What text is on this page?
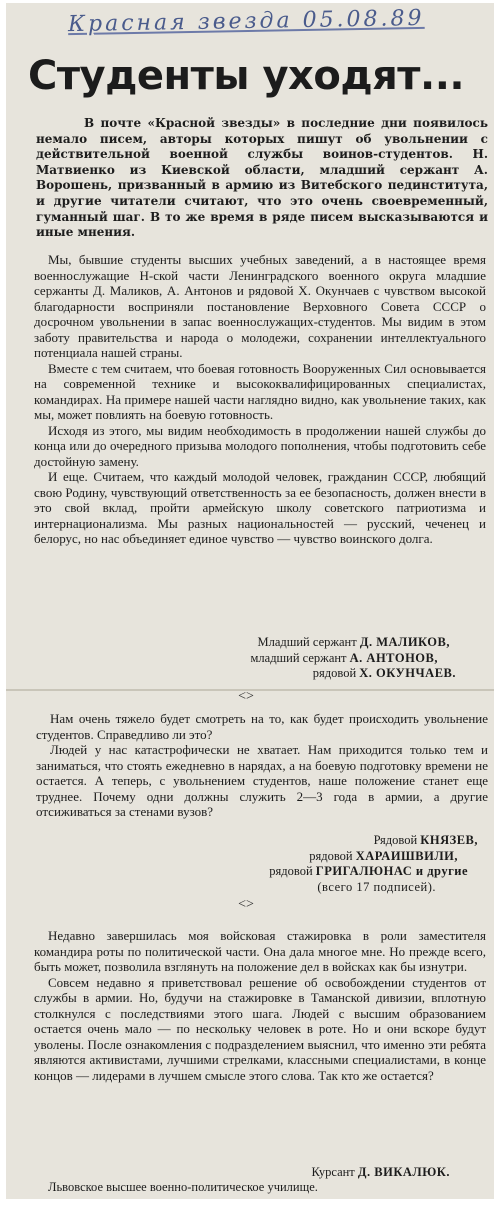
Красная звезда 05.08.89
Студенты уходят...

В почте «Красной звезды» в последние дни появилось немало писем, авторы которых пишут об увольнении с действительной военной службы воинов-студентов. Н. Матвиенко из Киевской области, младший сержант А. Ворошень, призванный в армию из Витебского пединститута, и другие читатели считают, что это очень своевременный, гуманный шаг. В то же время в ряде писем высказываются и иные мнения.

Мы, бывшие студенты высших учебных заведений, а в настоящее время военнослужащие Н-ской части Ленинградского военного округа младшие сержанты Д. Маликов, А. Антонов и рядовой Х. Окунчаев с чувством высокой благодарности восприняли постановление Верховного Совета СССР о досрочном увольнении в запас военнослужащих-студентов. Мы видим в этом заботу правительства и народа о молодежи, сохранении интеллектуального потенциала нашей страны.

Вместе с тем считаем, что боевая готовность Вооруженных Сил основывается на современной технике и высококвалифицированных специалистах, командирах. На примере нашей части наглядно видно, как увольнение таких, как мы, может повлиять на боевую готовность.

Исходя из этого, мы видим необходимость в продолжении нашей службы до конца или до очередного призыва молодого пополнения, чтобы подготовить себе достойную замену.

И еще. Считаем, что каждый молодой человек, гражданин СССР, любящий свою Родину, чувствующий ответственность за ее безопасность, должен внести в это свой вклад, пройти армейскую школу советского патриотизма и интернационализма. Мы разных национальностей — русский, чеченец и белорус, но нас объединяет единое чувство — чувство воинского долга.

Младший сержант Д. МАЛИКОВ,
младший сержант А. АНТОНОВ,
рядовой Х. ОКУНЧАЕВ.
<>

Нам очень тяжело будет смотреть на то, как будет происходить увольнение студентов. Справедливо ли это?

Людей у нас катастрофически не хватает. Нам приходится только тем и заниматься, что стоять ежедневно в нарядах, а на боевую подготовку времени не остается. А теперь, с увольнением студентов, наше положение станет еще труднее. Почему одни должны служить 2—3 года в армии, а другие отсиживаться за стенами вузов?

Рядовой КНЯЗЕВ,
рядовой ХАРАИШВИЛИ,
рядовой ГРИГАЛЮНАС и другие
(всего 17 подписей).
<>

Недавно завершилась моя войсковая стажировка в роли заместителя командира роты по политической части. Она дала многое мне. Но прежде всего, быть может, позволила взглянуть на положение дел в войсках как бы изнутри.

Совсем недавно я приветствовал решение об освобождении студентов от службы в армии. Но, будучи на стажировке в Таманской дивизии, вплотную столкнулся с последствиями этого шага. Людей с высшим образованием остается очень мало — по нескольку человек в роте. Но и они вскоре будут уволены. После ознакомления с подразделением выяснил, что именно эти ребята являются активистами, лучшими стрелками, классными специалистами, в конце концов — лидерами в лучшем смысле этого слова. Так кто же остается?

Курсант Д. ВИКАЛЮК.

Львовское высшее военно-политическое училище.
